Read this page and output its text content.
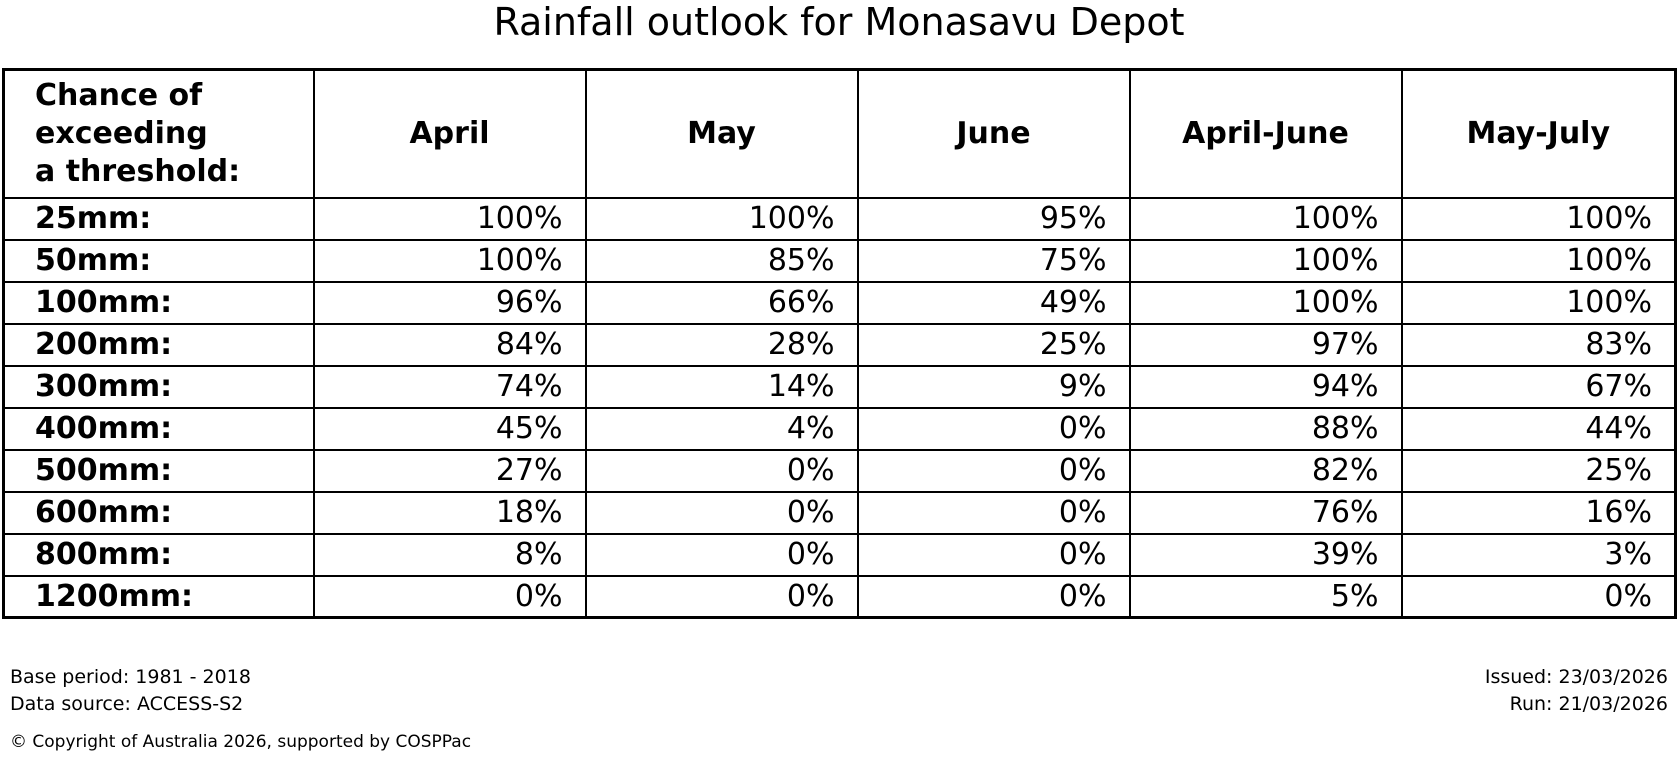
Rainfall outlook for Monasavu Depot
Chance of
exceeding
a threshold:	April	May	June	April-June	May-July
25mm:	100%	100%	95%	100%	100%
50mm:	100%	85%	75%	100%	100%
100mm:	96%	66%	49%	100%	100%
200mm:	84%	28%	25%	97%	83%
300mm:	74%	14%	9%	94%	67%
400mm:	45%	4%	0%	88%	44%
500mm:	27%	0%	0%	82%	25%
600mm:	18%	0%	0%	76%	16%
800mm:	8%	0%	0%	39%	3%
1200mm:	0%	0%	0%	5%	0%
Base period: 1981 - 2018
Data source: ACCESS-S2
Issued: 23/03/2026
Run: 21/03/2026
© Copyright of Australia 2026, supported by COSPPac
